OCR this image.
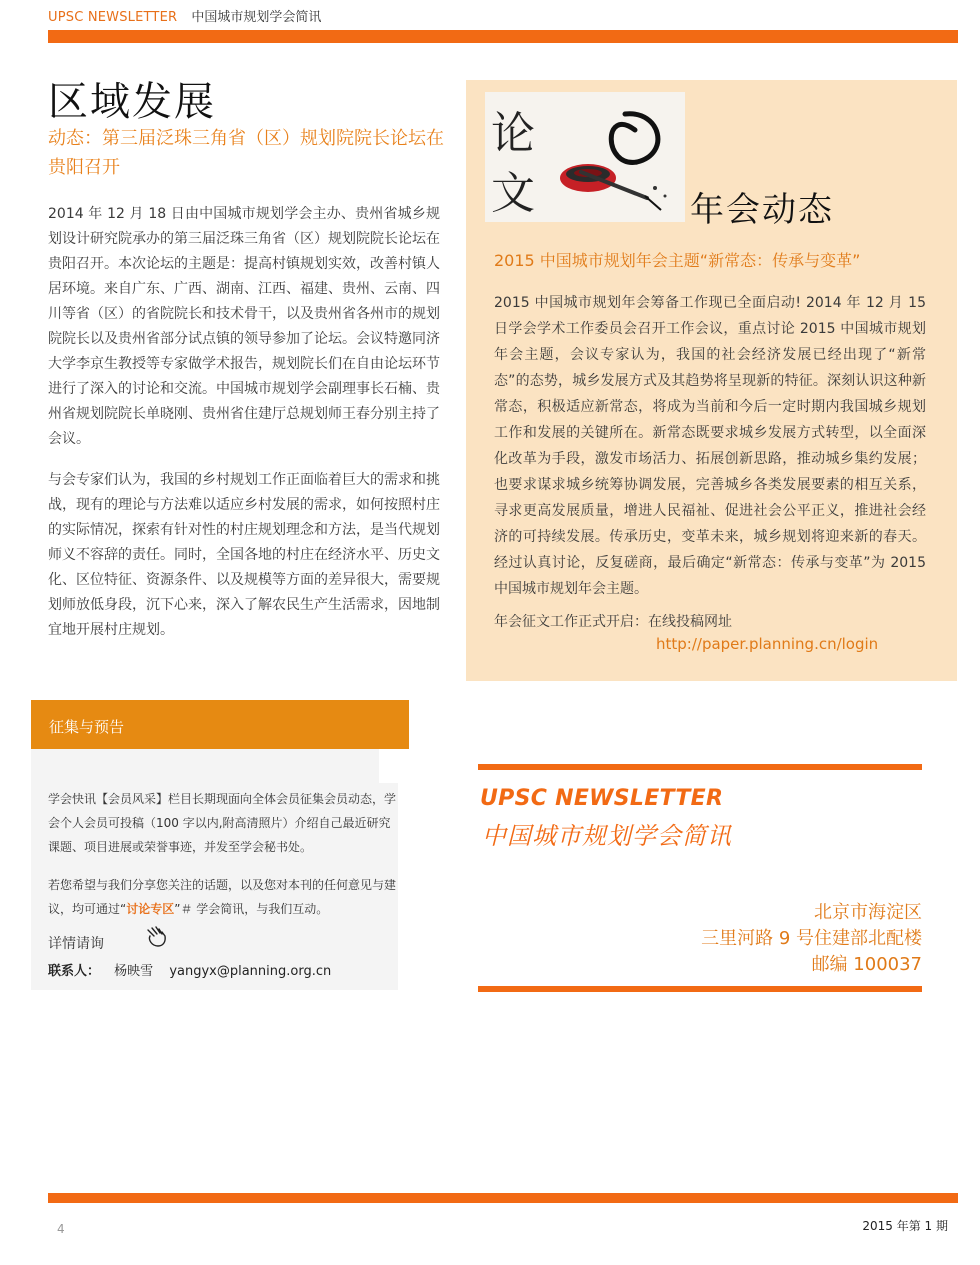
UPSC NEWSLETTER 中国城市规划学会简讯
区域发展
动态：第三届泛珠三角省（区）规划院院长论坛在贵阳召开

2014 年 12 月 18 日由中国城市规划学会主办、贵州省城乡规划设计研究院承办的第三届泛珠三角省（区）规划院院长论坛在贵阳召开。本次论坛的主题是：提高村镇规划实效，改善村镇人居环境。来自广东、广西、湖南、江西、福建、贵州、云南、四川等省（区）的省院院长和技术骨干，以及贵州省各州市的规划院院长以及贵州省部分试点镇的领导参加了论坛。会议特邀同济大学李京生教授等专家做学术报告，规划院长们在自由论坛环节进行了深入的讨论和交流。中国城市规划学会副理事长石楠、贵州省规划院院长单晓刚、贵州省住建厅总规划师王春分别主持了会议。

与会专家们认为，我国的乡村规划工作正面临着巨大的需求和挑战，现有的理论与方法难以适应乡村发展的需求，如何按照村庄的实际情况，探索有针对性的村庄规划理念和方法，是当代规划师义不容辞的责任。同时，全国各地的村庄在经济水平、历史文化、区位特征、资源条件、以及规模等方面的差异很大，需要规划师放低身段，沉下心来，深入了解农民生产生活需求，因地制宜地开展村庄规划。

论
文	年会动态
2015 中国城市规划年会主题“新常态：传承与变革”

2015 中国城市规划年会筹备工作现已全面启动! 2014 年 12 月 15 日学会学术工作委员会召开工作会议，重点讨论 2015 中国城市规划年会主题，会议专家认为，我国的社会经济发展已经出现了“新常态”的态势，城乡发展方式及其趋势将呈现新的特征。深刻认识这种新常态，积极适应新常态，将成为当前和今后一定时期内我国城乡规划工作和发展的关键所在。新常态既要求城乡发展方式转型，以全面深化改革为手段，激发市场活力、拓展创新思路，推动城乡集约发展；也要求谋求城乡统筹协调发展，完善城乡各类发展要素的相互关系，寻求更高发展质量，增进人民福祉、促进社会公平正义，推进社会经济的可持续发展。传承历史，变革未来，城乡规划将迎来新的春天。经过认真讨论，反复磋商，最后确定“新常态：传承与变革”为 2015 中国城市规划年会主题。

年会征文工作正式开启：在线投稿网址
http://paper.planning.cn/login
征集与预告
学会快讯【会员风采】栏目长期现面向全体会员征集会员动态，学会个人会员可投稿（100 字以内,附高清照片）介绍自己最近研究课题、项目进展或荣誉事迹，并发至学会秘书处。
若您希望与我们分享您关注的话题，以及您对本刊的任何意见与建议，均可通过“讨论专区”＃ 学会简讯，与我们互动。
详情请询
联系人： 杨映雪 yangyx@planning.org.cn
UPSC NEWSLETTER
中国城市规划学会简讯
北京市海淀区
三里河路 9 号住建部北配楼
邮编 100037
4	2015 年第 1 期
